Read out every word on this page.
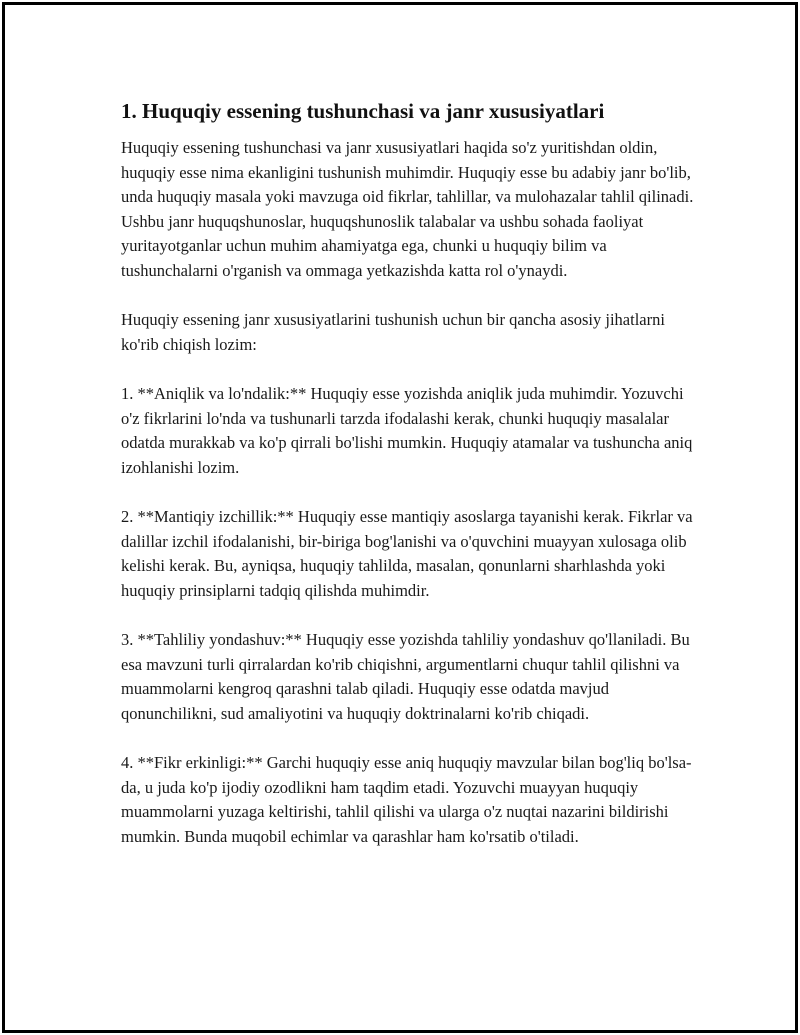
1. Huquqiy essening tushunchasi va janr xususiyatlari

Huquqiy essening tushunchasi va janr xususiyatlari haqida so'z yuritishdan oldin, huquqiy esse nima ekanligini tushunish muhimdir. Huquqiy esse bu adabiy janr bo'lib, unda huquqiy masala yoki mavzuga oid fikrlar, tahlillar, va mulohazalar tahlil qilinadi. Ushbu janr huquqshunoslar, huquqshunoslik talabalar va ushbu sohada faoliyat yuritayotganlar uchun muhim ahamiyatga ega, chunki u huquqiy bilim va tushunchalarni o'rganish va ommaga yetkazishda katta rol o'ynaydi.

Huquqiy essening janr xususiyatlarini tushunish uchun bir qancha asosiy jihatlarni ko'rib chiqish lozim:

1. **Aniqlik va lo'ndalik:** Huquqiy esse yozishda aniqlik juda muhimdir. Yozuvchi o'z fikrlarini lo'nda va tushunarli tarzda ifodalashi kerak, chunki huquqiy masalalar odatda murakkab va ko'p qirrali bo'lishi mumkin. Huquqiy atamalar va tushuncha aniq izohlanishi lozim.

2. **Mantiqiy izchillik:** Huquqiy esse mantiqiy asoslarga tayanishi kerak. Fikrlar va dalillar izchil ifodalanishi, bir-biriga bog'lanishi va o'quvchini muayyan xulosaga olib kelishi kerak. Bu, ayniqsa, huquqiy tahlilda, masalan, qonunlarni sharhlashda yoki huquqiy prinsiplarni tadqiq qilishda muhimdir.

3. **Tahliliy yondashuv:** Huquqiy esse yozishda tahliliy yondashuv qo'llaniladi. Bu esa mavzuni turli qirralardan ko'rib chiqishni, argumentlarni chuqur tahlil qilishni va muammolarni kengroq qarashni talab qiladi. Huquqiy esse odatda mavjud qonunchilikni, sud amaliyotini va huquqiy doktrinalarni ko'rib chiqadi.

4. **Fikr erkinligi:** Garchi huquqiy esse aniq huquqiy mavzular bilan bog'liq bo'lsa-da, u juda ko'p ijodiy ozodlikni ham taqdim etadi. Yozuvchi muayyan huquqiy muammolarni yuzaga keltirishi, tahlil qilishi va ularga o'z nuqtai nazarini bildirishi mumkin. Bunda muqobil echimlar va qarashlar ham ko'rsatib o'tiladi.
